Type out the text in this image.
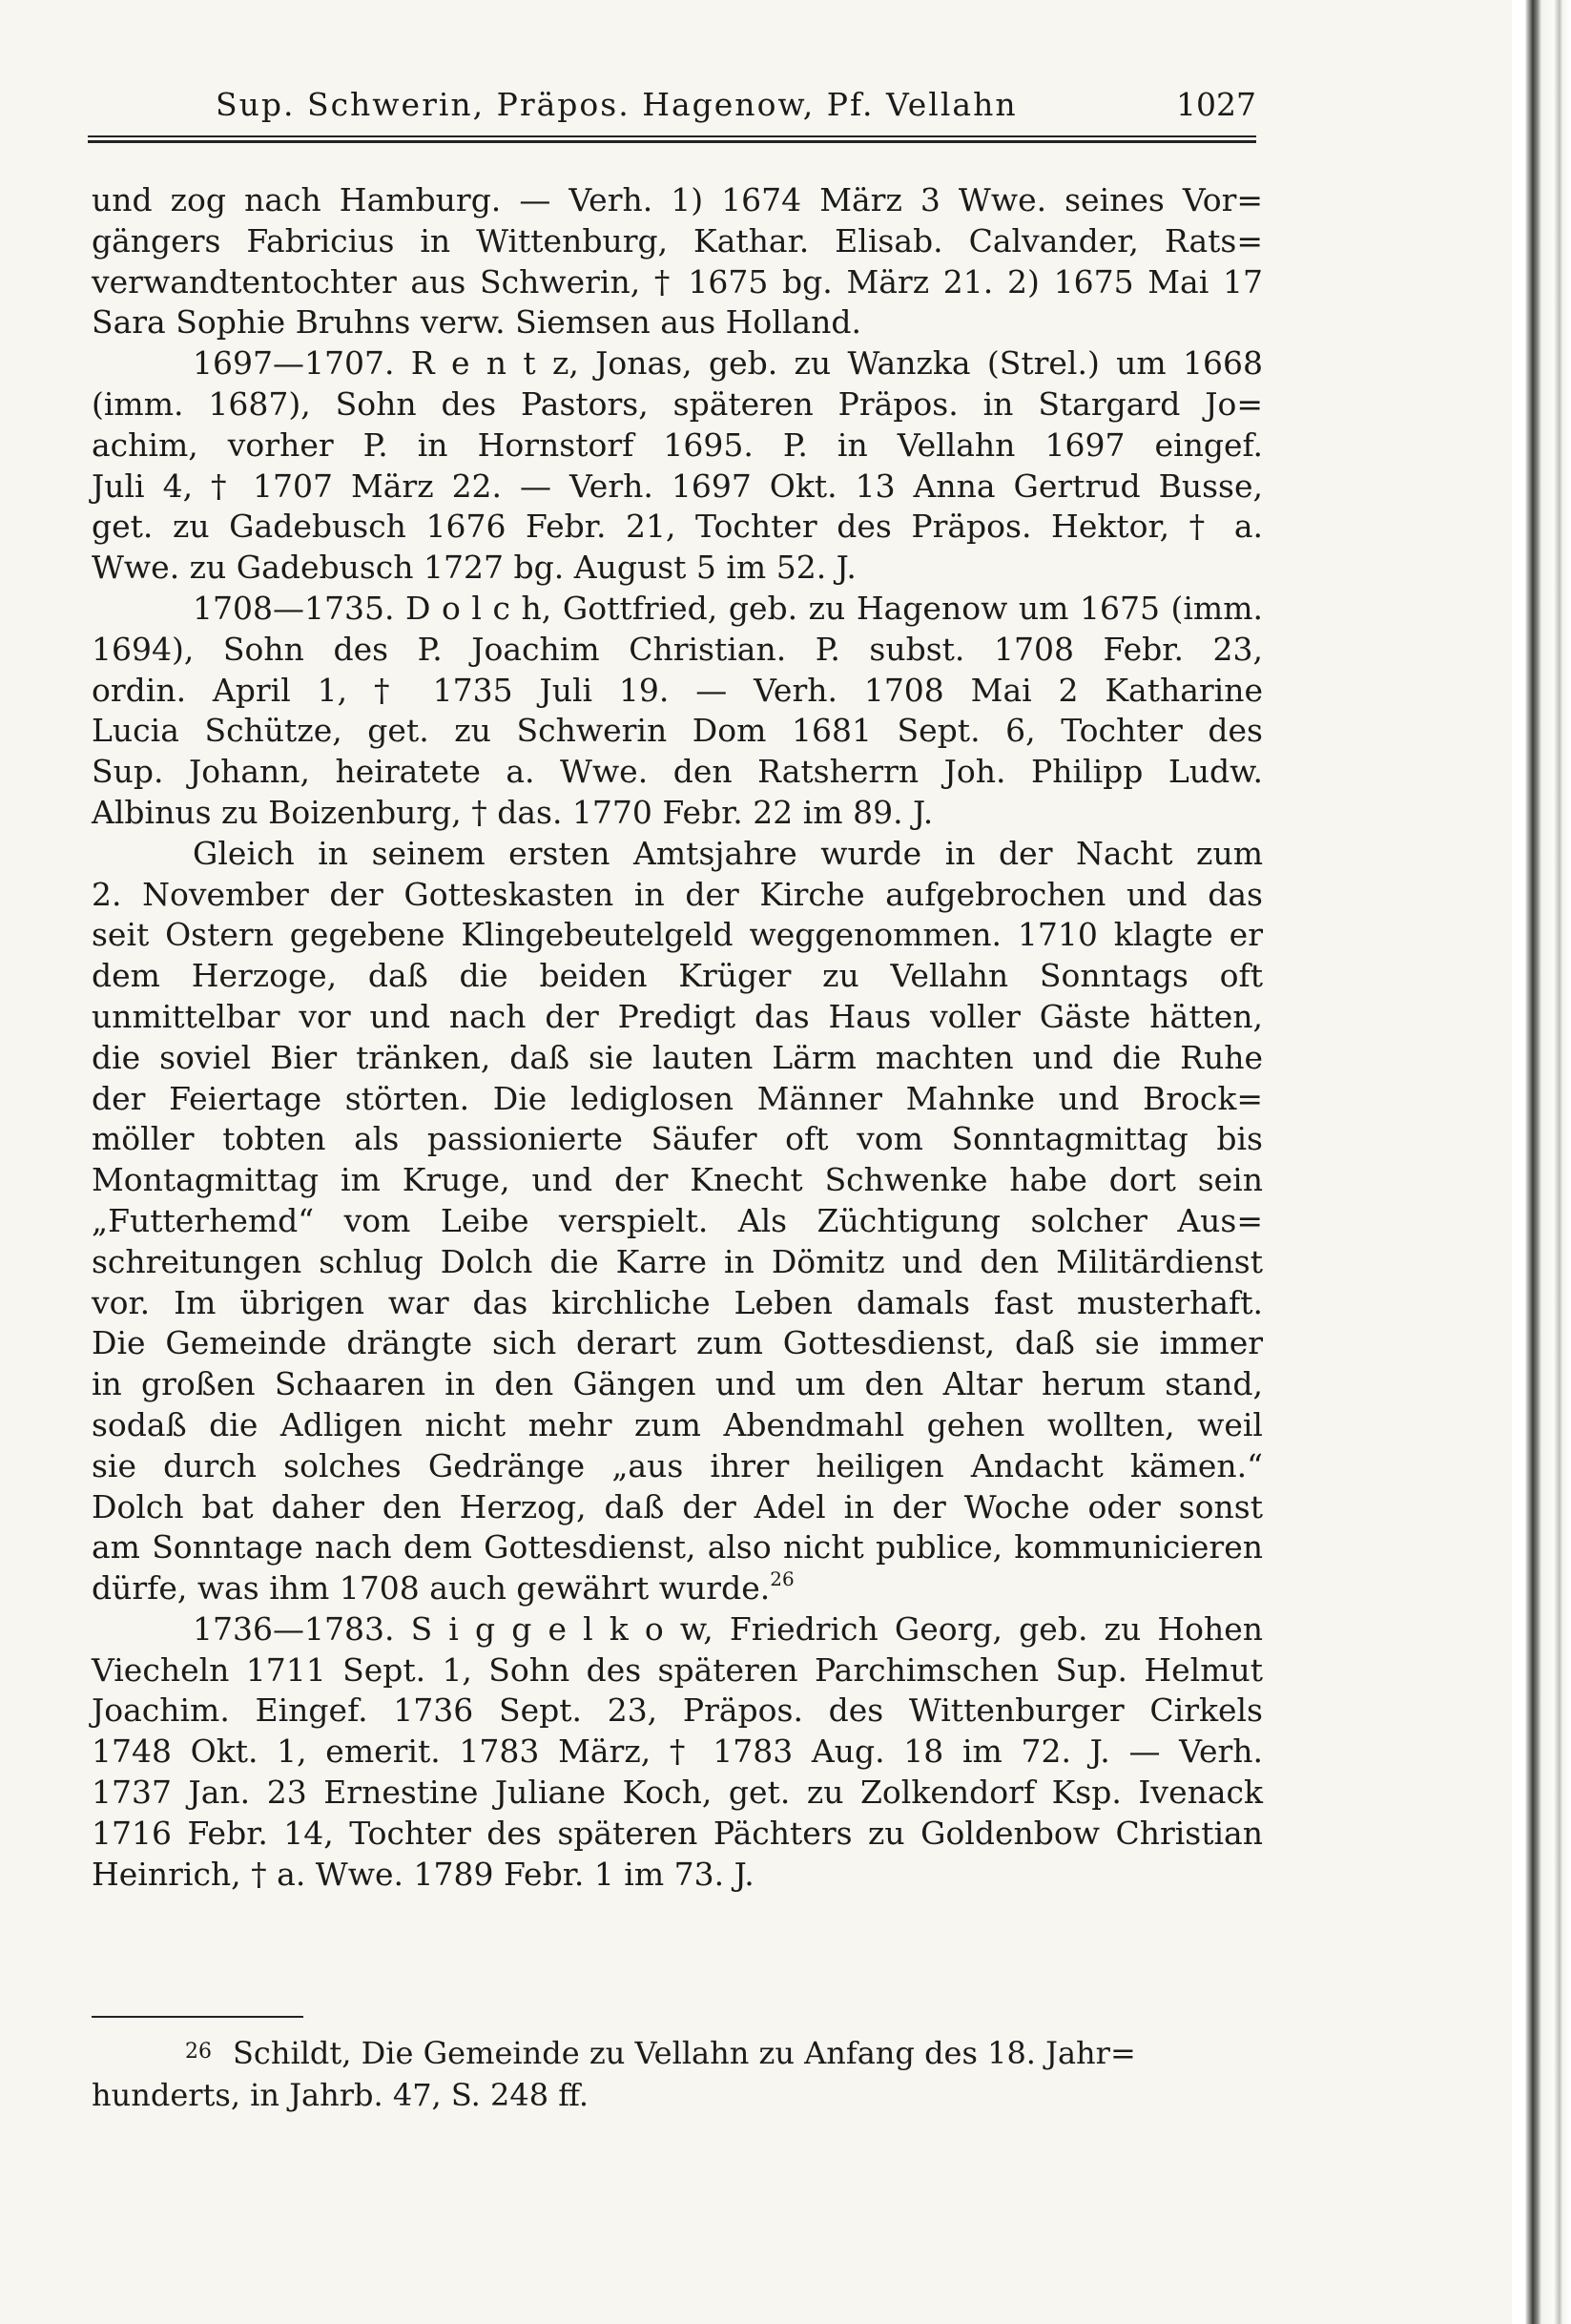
Sup. Schwerin, Präpos. Hagenow, Pf. Vellahn	1027
und zog nach Hamburg. — Verh. 1) 1674 März 3 Wwe. seines Vor=
gängers Fabricius in Wittenburg, Kathar. Elisab. Calvander, Rats=
verwandtentochter aus Schwerin, † 1675 bg. März 21. 2) 1675 Mai 17
Sara Sophie Bruhns verw. Siemsen aus Holland.
1697—1707. R e n t z, Jonas, geb. zu Wanzka (Strel.) um 1668
(imm. 1687), Sohn des Pastors, späteren Präpos. in Stargard Jo=
achim, vorher P. in Hornstorf 1695. P. in Vellahn 1697 eingef.
Juli 4, † 1707 März 22. — Verh. 1697 Okt. 13 Anna Gertrud Busse,
get. zu Gadebusch 1676 Febr. 21, Tochter des Präpos. Hektor, † a.
Wwe. zu Gadebusch 1727 bg. August 5 im 52. J.
1708—1735. D o l c h, Gottfried, geb. zu Hagenow um 1675 (imm.
1694), Sohn des P. Joachim Christian. P. subst. 1708 Febr. 23,
ordin. April 1, † 1735 Juli 19. — Verh. 1708 Mai 2 Katharine
Lucia Schütze, get. zu Schwerin Dom 1681 Sept. 6, Tochter des
Sup. Johann, heiratete a. Wwe. den Ratsherrn Joh. Philipp Ludw.
Albinus zu Boizenburg, † das. 1770 Febr. 22 im 89. J.
Gleich in seinem ersten Amtsjahre wurde in der Nacht zum
2. November der Gotteskasten in der Kirche aufgebrochen und das
seit Ostern gegebene Klingebeutelgeld weggenommen. 1710 klagte er
dem Herzoge, daß die beiden Krüger zu Vellahn Sonntags oft
unmittelbar vor und nach der Predigt das Haus voller Gäste hätten,
die soviel Bier tränken, daß sie lauten Lärm machten und die Ruhe
der Feiertage störten. Die lediglosen Männer Mahnke und Brock=
möller tobten als passionierte Säufer oft vom Sonntagmittag bis
Montagmittag im Kruge, und der Knecht Schwenke habe dort sein
„Futterhemd“ vom Leibe verspielt. Als Züchtigung solcher Aus=
schreitungen schlug Dolch die Karre in Dömitz und den Militärdienst
vor. Im übrigen war das kirchliche Leben damals fast musterhaft.
Die Gemeinde drängte sich derart zum Gottesdienst, daß sie immer
in großen Schaaren in den Gängen und um den Altar herum stand,
sodaß die Adligen nicht mehr zum Abendmahl gehen wollten, weil
sie durch solches Gedränge „aus ihrer heiligen Andacht kämen.“
Dolch bat daher den Herzog, daß der Adel in der Woche oder sonst
am Sonntage nach dem Gottesdienst, also nicht publice, kommunicieren
dürfe, was ihm 1708 auch gewährt wurde.$^{26}$
1736—1783. S i g g e l k o w, Friedrich Georg, geb. zu Hohen
Viecheln 1711 Sept. 1, Sohn des späteren Parchimschen Sup. Helmut
Joachim. Eingef. 1736 Sept. 23, Präpos. des Wittenburger Cirkels
1748 Okt. 1, emerit. 1783 März, † 1783 Aug. 18 im 72. J. — Verh.
1737 Jan. 23 Ernestine Juliane Koch, get. zu Zolkendorf Ksp. Ivenack
1716 Febr. 14, Tochter des späteren Pächters zu Goldenbow Christian
Heinrich, † a. Wwe. 1789 Febr. 1 im 73. J.
26 Schildt, Die Gemeinde zu Vellahn zu Anfang des 18. Jahr=
hunderts, in Jahrb. 47, S. 248 ff.
